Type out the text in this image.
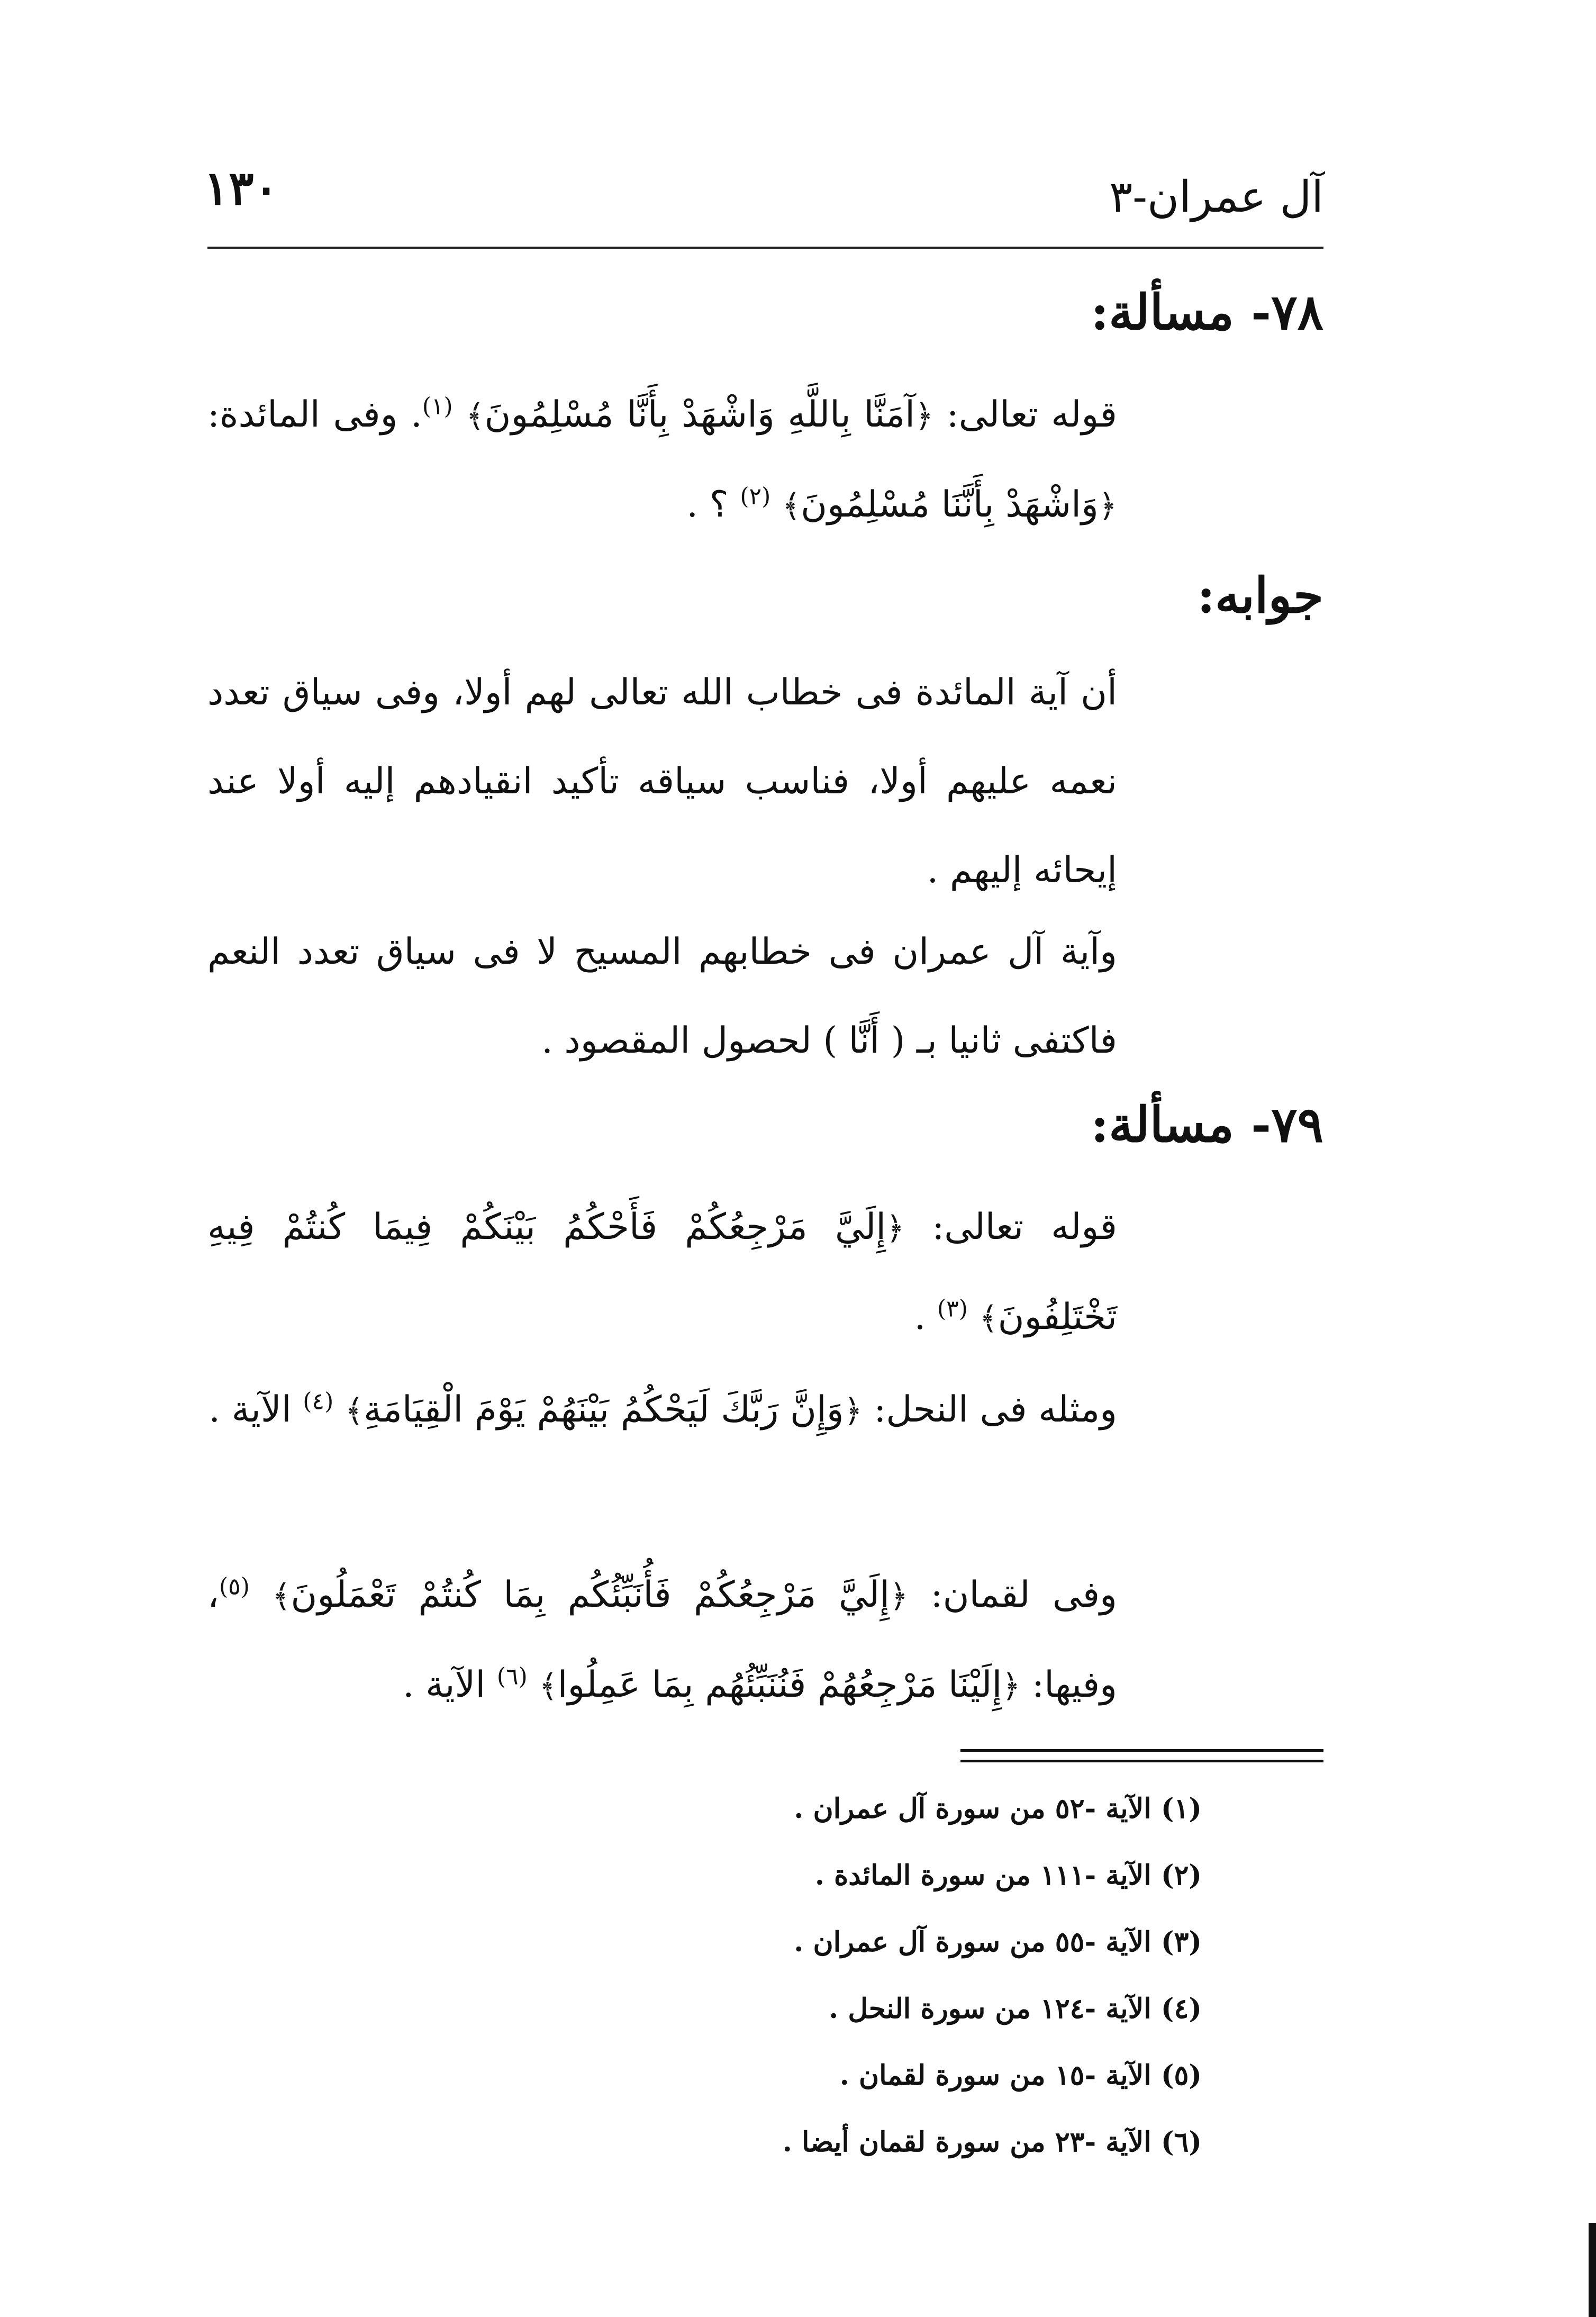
آل عمران-٣
١٣٠
٧٨- مسألة:
قوله تعالى: ﴿آمَنَّا بِاللَّهِ وَاشْهَدْ بِأَنَّا مُسْلِمُونَ﴾ $^{(١)}$. وفى المائدة: ﴿وَاشْهَدْ بِأَنَّنَا مُسْلِمُونَ﴾ $^{(٢)}$ ؟ .
جوابه:
أن آية المائدة فى خطاب الله تعالى لهم أولا، وفى سياق تعدد نعمه عليهم أولا، فناسب سياقه تأكيد انقيادهم إليه أولا عند إيحائه إليهم .
وآية آل عمران فى خطابهم المسيح لا فى سياق تعدد النعم فاكتفى ثانيا بـ ( أَنَّا ) لحصول المقصود .
٧٩- مسألة:
قوله تعالى: ﴿إِلَيَّ مَرْجِعُكُمْ فَأَحْكُمُ بَيْنَكُمْ فِيمَا كُنتُمْ فِيهِ تَخْتَلِفُونَ﴾ $^{(٣)}$ .
ومثله فى النحل: ﴿وَإِنَّ رَبَّكَ لَيَحْكُمُ بَيْنَهُمْ يَوْمَ الْقِيَامَةِ﴾ $^{(٤)}$ الآية .
وفى لقمان: ﴿إِلَيَّ مَرْجِعُكُمْ فَأُنَبِّئُكُم بِمَا كُنتُمْ تَعْمَلُونَ﴾ $^{(٥)}$، وفيها: ﴿إِلَيْنَا مَرْجِعُهُمْ فَنُنَبِّئُهُم بِمَا عَمِلُوا﴾ $^{(٦)}$ الآية .
(١) الآية -٥٢ من سورة آل عمران .
(٢) الآية -١١١ من سورة المائدة .
(٣) الآية -٥٥ من سورة آل عمران .
(٤) الآية -١٢٤ من سورة النحل .
(٥) الآية -١٥ من سورة لقمان .
(٦) الآية -٢٣ من سورة لقمان أيضا .
